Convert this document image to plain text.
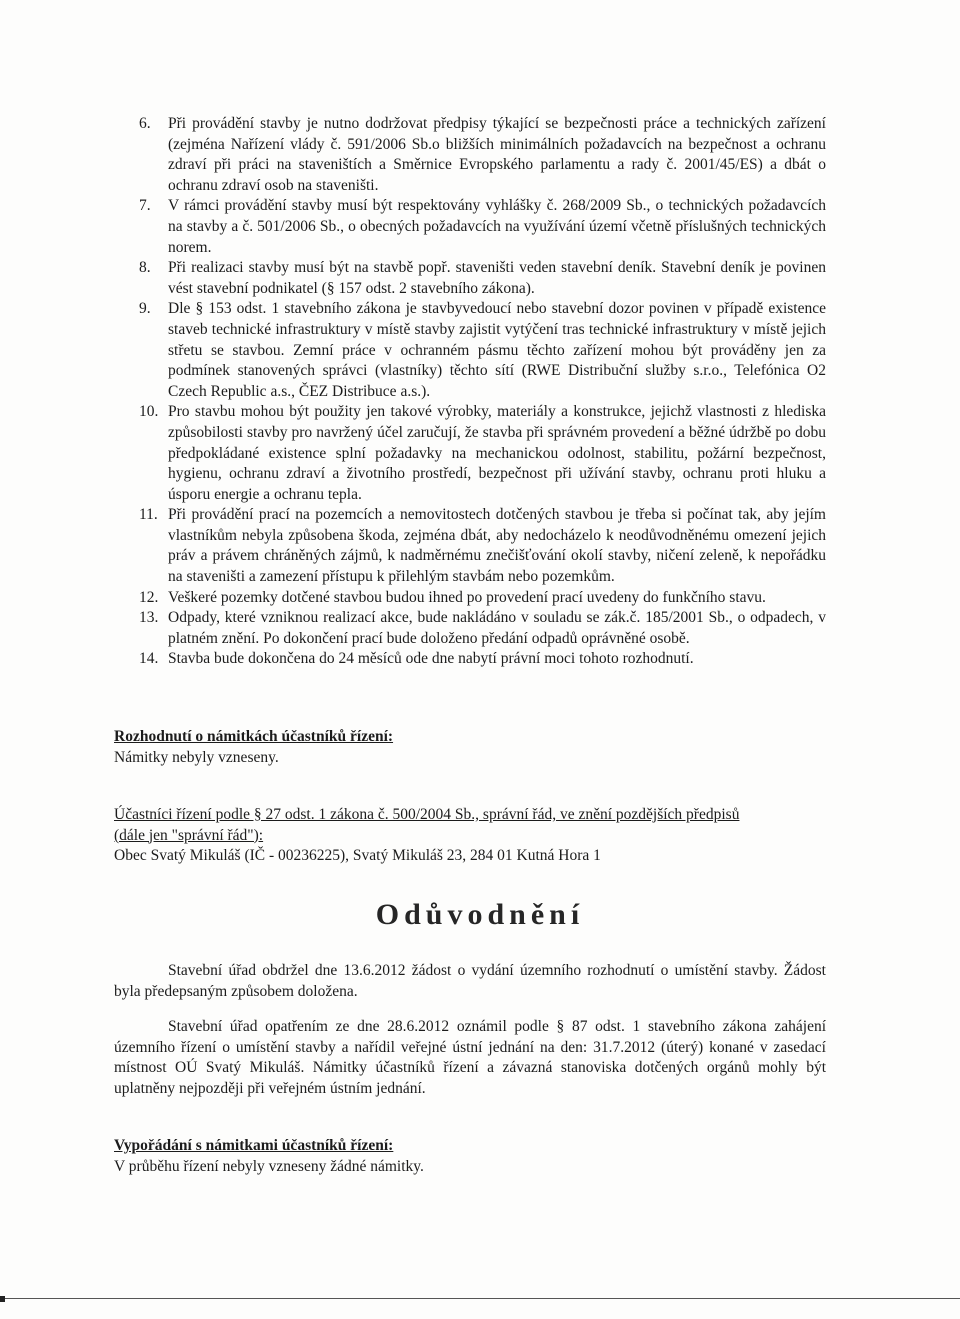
6.	Při provádění stavby je nutno dodržovat předpisy týkající se bezpečnosti práce a technických zařízení (zejména Nařízení vlády č. 591/2006 Sb.o bližších minimálních požadavcích na bezpečnost a ochranu zdraví při práci na staveništích a Směrnice Evropského parlamentu a rady č. 2001/45/ES) a dbát o ochranu zdraví osob na staveništi.
7.	V rámci provádění stavby musí být respektovány vyhlášky č. 268/2009 Sb., o technických požadavcích na stavby a č. 501/2006 Sb., o obecných požadavcích na využívání území včetně příslušných technických norem.
8.	Při realizaci stavby musí být na stavbě popř. staveništi veden stavební deník. Stavební deník je povinen vést stavební podnikatel (§ 157 odst. 2 stavebního zákona).
9.	Dle § 153 odst. 1 stavebního zákona je stavbyvedoucí nebo stavební dozor povinen v případě existence staveb technické infrastruktury v místě stavby zajistit vytýčení tras technické infrastruktury v místě jejich střetu se stavbou. Zemní práce v ochranném pásmu těchto zařízení mohou být prováděny jen za podmínek stanovených správci (vlastníky) těchto sítí (RWE Distribuční služby s.r.o., Telefónica O2 Czech Republic a.s., ČEZ Distribuce a.s.).
10. Pro stavbu mohou být použity jen takové výrobky, materiály a konstrukce, jejichž vlastnosti z hlediska způsobilosti stavby pro navržený účel zaručují, že stavba při správném provedení a běžné údržbě po dobu předpokládané existence splní požadavky na mechanickou odolnost, stabilitu, požární bezpečnost, hygienu, ochranu zdraví a životního prostředí, bezpečnost při užívání stavby, ochranu proti hluku a úsporu energie a ochranu tepla.
11. Při provádění prací na pozemcích a nemovitostech dotčených stavbou je třeba si počínat tak, aby jejím vlastníkům nebyla způsobena škoda, zejména dbát, aby nedocházelo k neodůvodněnému omezení jejich práv a právem chráněných zájmů, k nadměrnému znečišťování okolí stavby, ničení zeleně, k nepořádku na staveništi a zamezení přístupu k přilehlým stavbám nebo pozemkům.
12. Veškeré pozemky dotčené stavbou budou ihned po provedení prací uvedeny do funkčního stavu.
13. Odpady, které vzniknou realizací akce, bude nakládáno v souladu se zák.č. 185/2001 Sb., o odpadech, v platném znění. Po dokončení prací bude doloženo předání odpadů oprávněné osobě.
14. Stavba bude dokončena do 24 měsíců ode dne nabytí právní moci tohoto rozhodnutí.
Rozhodnutí o námitkách účastníků řízení:
Námitky nebyly vzneseny.
Účastníci řízení podle § 27 odst. 1 zákona č. 500/2004 Sb., správní řád, ve znění pozdějších předpisů
(dále jen "správní řád"):
Obec Svatý Mikuláš (IČ - 00236225), Svatý Mikuláš 23, 284 01 Kutná Hora 1
Odůvodnění
Stavební úřad obdržel dne 13.6.2012 žádost o vydání územního rozhodnutí o umístění stavby. Žádost byla předepsaným způsobem doložena.
Stavební úřad opatřením ze dne 28.6.2012 oznámil podle § 87 odst. 1 stavebního zákona zahájení územního řízení o umístění stavby a nařídil veřejné ústní jednání na den: 31.7.2012 (úterý) konané v zasedací místnost OÚ Svatý Mikuláš. Námitky účastníků řízení a závazná stanoviska dotčených orgánů mohly být uplatněny nejpozději při veřejném ústním jednání.
Vypořádání s námitkami účastníků řízení:
V průběhu řízení nebyly vzneseny žádné námitky.
